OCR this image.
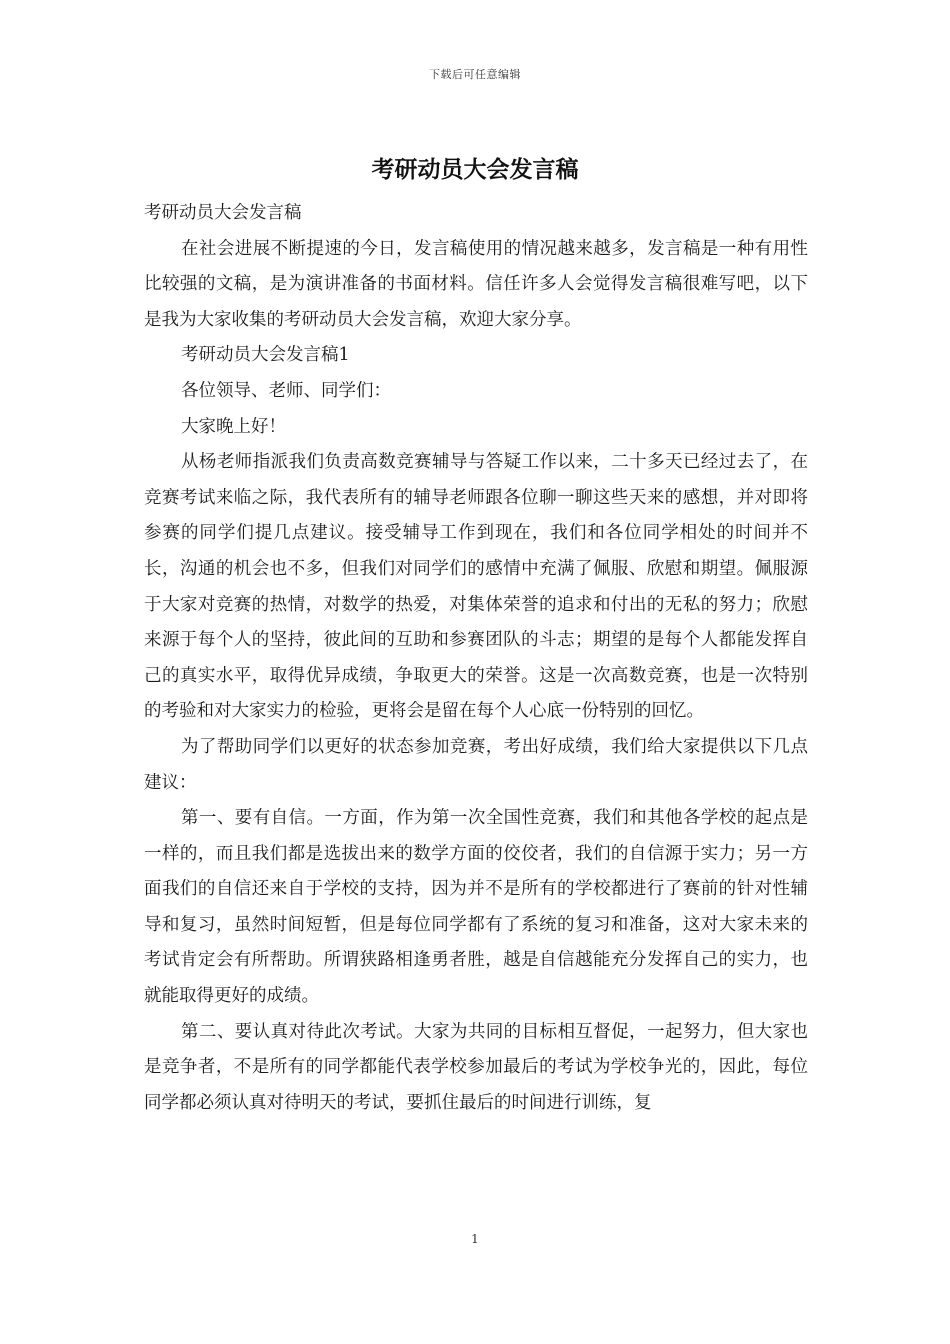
下载后可任意编辑
考研动员大会发言稿

考研动员大会发言稿

在社会进展不断提速的今日，发言稿使用的情况越来越多，发言稿是一种有用性比较强的文稿，是为演讲准备的书面材料。信任许多人会觉得发言稿很难写吧，以下是我为大家收集的考研动员大会发言稿，欢迎大家分享。

考研动员大会发言稿1

各位领导、老师、同学们：

大家晚上好！

从杨老师指派我们负责高数竞赛辅导与答疑工作以来，二十多天已经过去了，在竞赛考试来临之际，我代表所有的辅导老师跟各位聊一聊这些天来的感想，并对即将参赛的同学们提几点建议。接受辅导工作到现在，我们和各位同学相处的时间并不长，沟通的机会也不多，但我们对同学们的感情中充满了佩服、欣慰和期望。佩服源于大家对竞赛的热情，对数学的热爱，对集体荣誉的追求和付出的无私的努力；欣慰来源于每个人的坚持，彼此间的互助和参赛团队的斗志；期望的是每个人都能发挥自己的真实水平，取得优异成绩，争取更大的荣誉。这是一次高数竞赛，也是一次特别的考验和对大家实力的检验，更将会是留在每个人心底一份特别的回忆。

为了帮助同学们以更好的状态参加竞赛，考出好成绩，我们给大家提供以下几点建议：

第一、要有自信。一方面，作为第一次全国性竞赛，我们和其他各学校的起点是一样的，而且我们都是选拔出来的数学方面的佼佼者，我们的自信源于实力；另一方面我们的自信还来自于学校的支持，因为并不是所有的学校都进行了赛前的针对性辅导和复习，虽然时间短暂，但是每位同学都有了系统的复习和准备，这对大家未来的考试肯定会有所帮助。所谓狭路相逢勇者胜，越是自信越能充分发挥自己的实力，也就能取得更好的成绩。

第二、要认真对待此次考试。大家为共同的目标相互督促，一起努力，但大家也是竞争者，不是所有的同学都能代表学校参加最后的考试为学校争光的，因此，每位同学都必须认真对待明天的考试，要抓住最后的时间进行训练，复

1
